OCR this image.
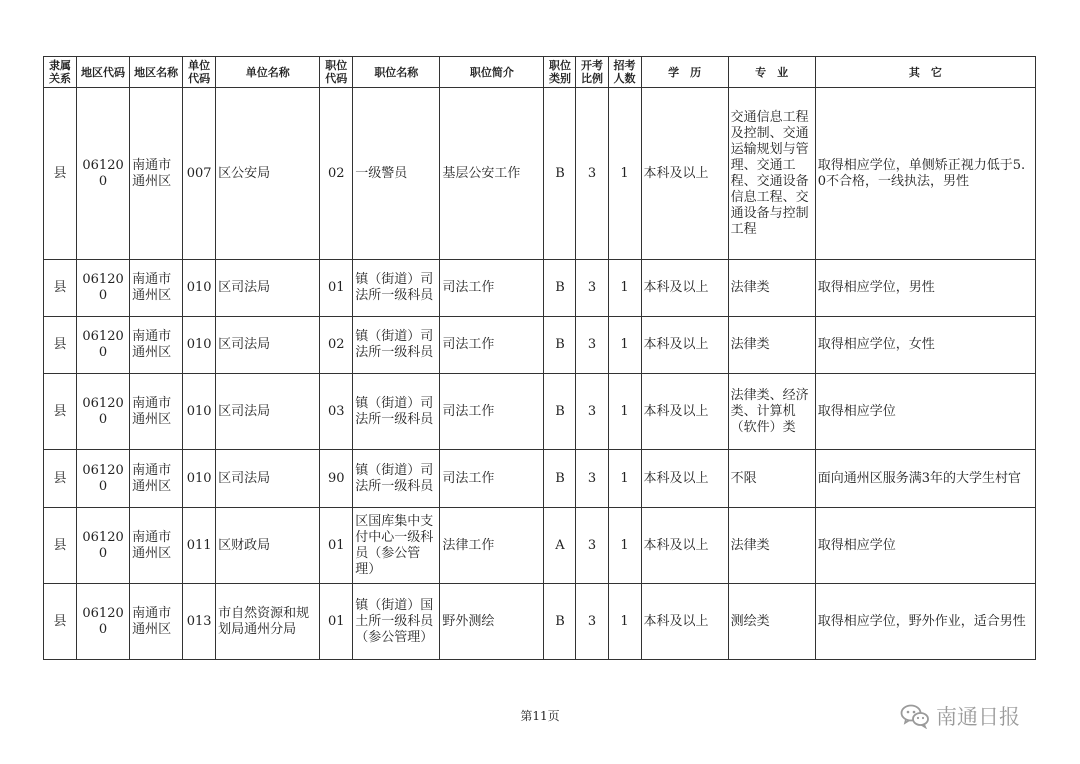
隶属关系	地区代码	地区名称	单位代码	单位名称	职位代码	职位名称	职位简介	职位类别	开考比例	招考人数	学　历	专　业	其　它
县	061200	南通市通州区	007	区公安局	02	一级警员	基层公安工作	B	3	1	本科及以上	交通信息工程及控制、交通运输规划与管理、交通工程、交通设备信息工程、交通设备与控制工程	取得相应学位，单侧矫正视力低于5.0不合格，一线执法，男性
县	061200	南通市通州区	010	区司法局	01	镇（街道）司法所一级科员	司法工作	B	3	1	本科及以上	法律类	取得相应学位，男性
县	061200	南通市通州区	010	区司法局	02	镇（街道）司法所一级科员	司法工作	B	3	1	本科及以上	法律类	取得相应学位，女性
县	061200	南通市通州区	010	区司法局	03	镇（街道）司法所一级科员	司法工作	B	3	1	本科及以上	法律类、经济类、计算机（软件）类	取得相应学位
县	061200	南通市通州区	010	区司法局	90	镇（街道）司法所一级科员	司法工作	B	3	1	本科及以上	不限	面向通州区服务满3年的大学生村官
县	061200	南通市通州区	011	区财政局	01	区国库集中支付中心一级科员（参公管理）	法律工作	A	3	1	本科及以上	法律类	取得相应学位
县	061200	南通市通州区	013	市自然资源和规划局通州分局	01	镇（街道）国土所一级科员（参公管理）	野外测绘	B	3	1	本科及以上	测绘类	取得相应学位，野外作业，适合男性
第11页	南通日报
